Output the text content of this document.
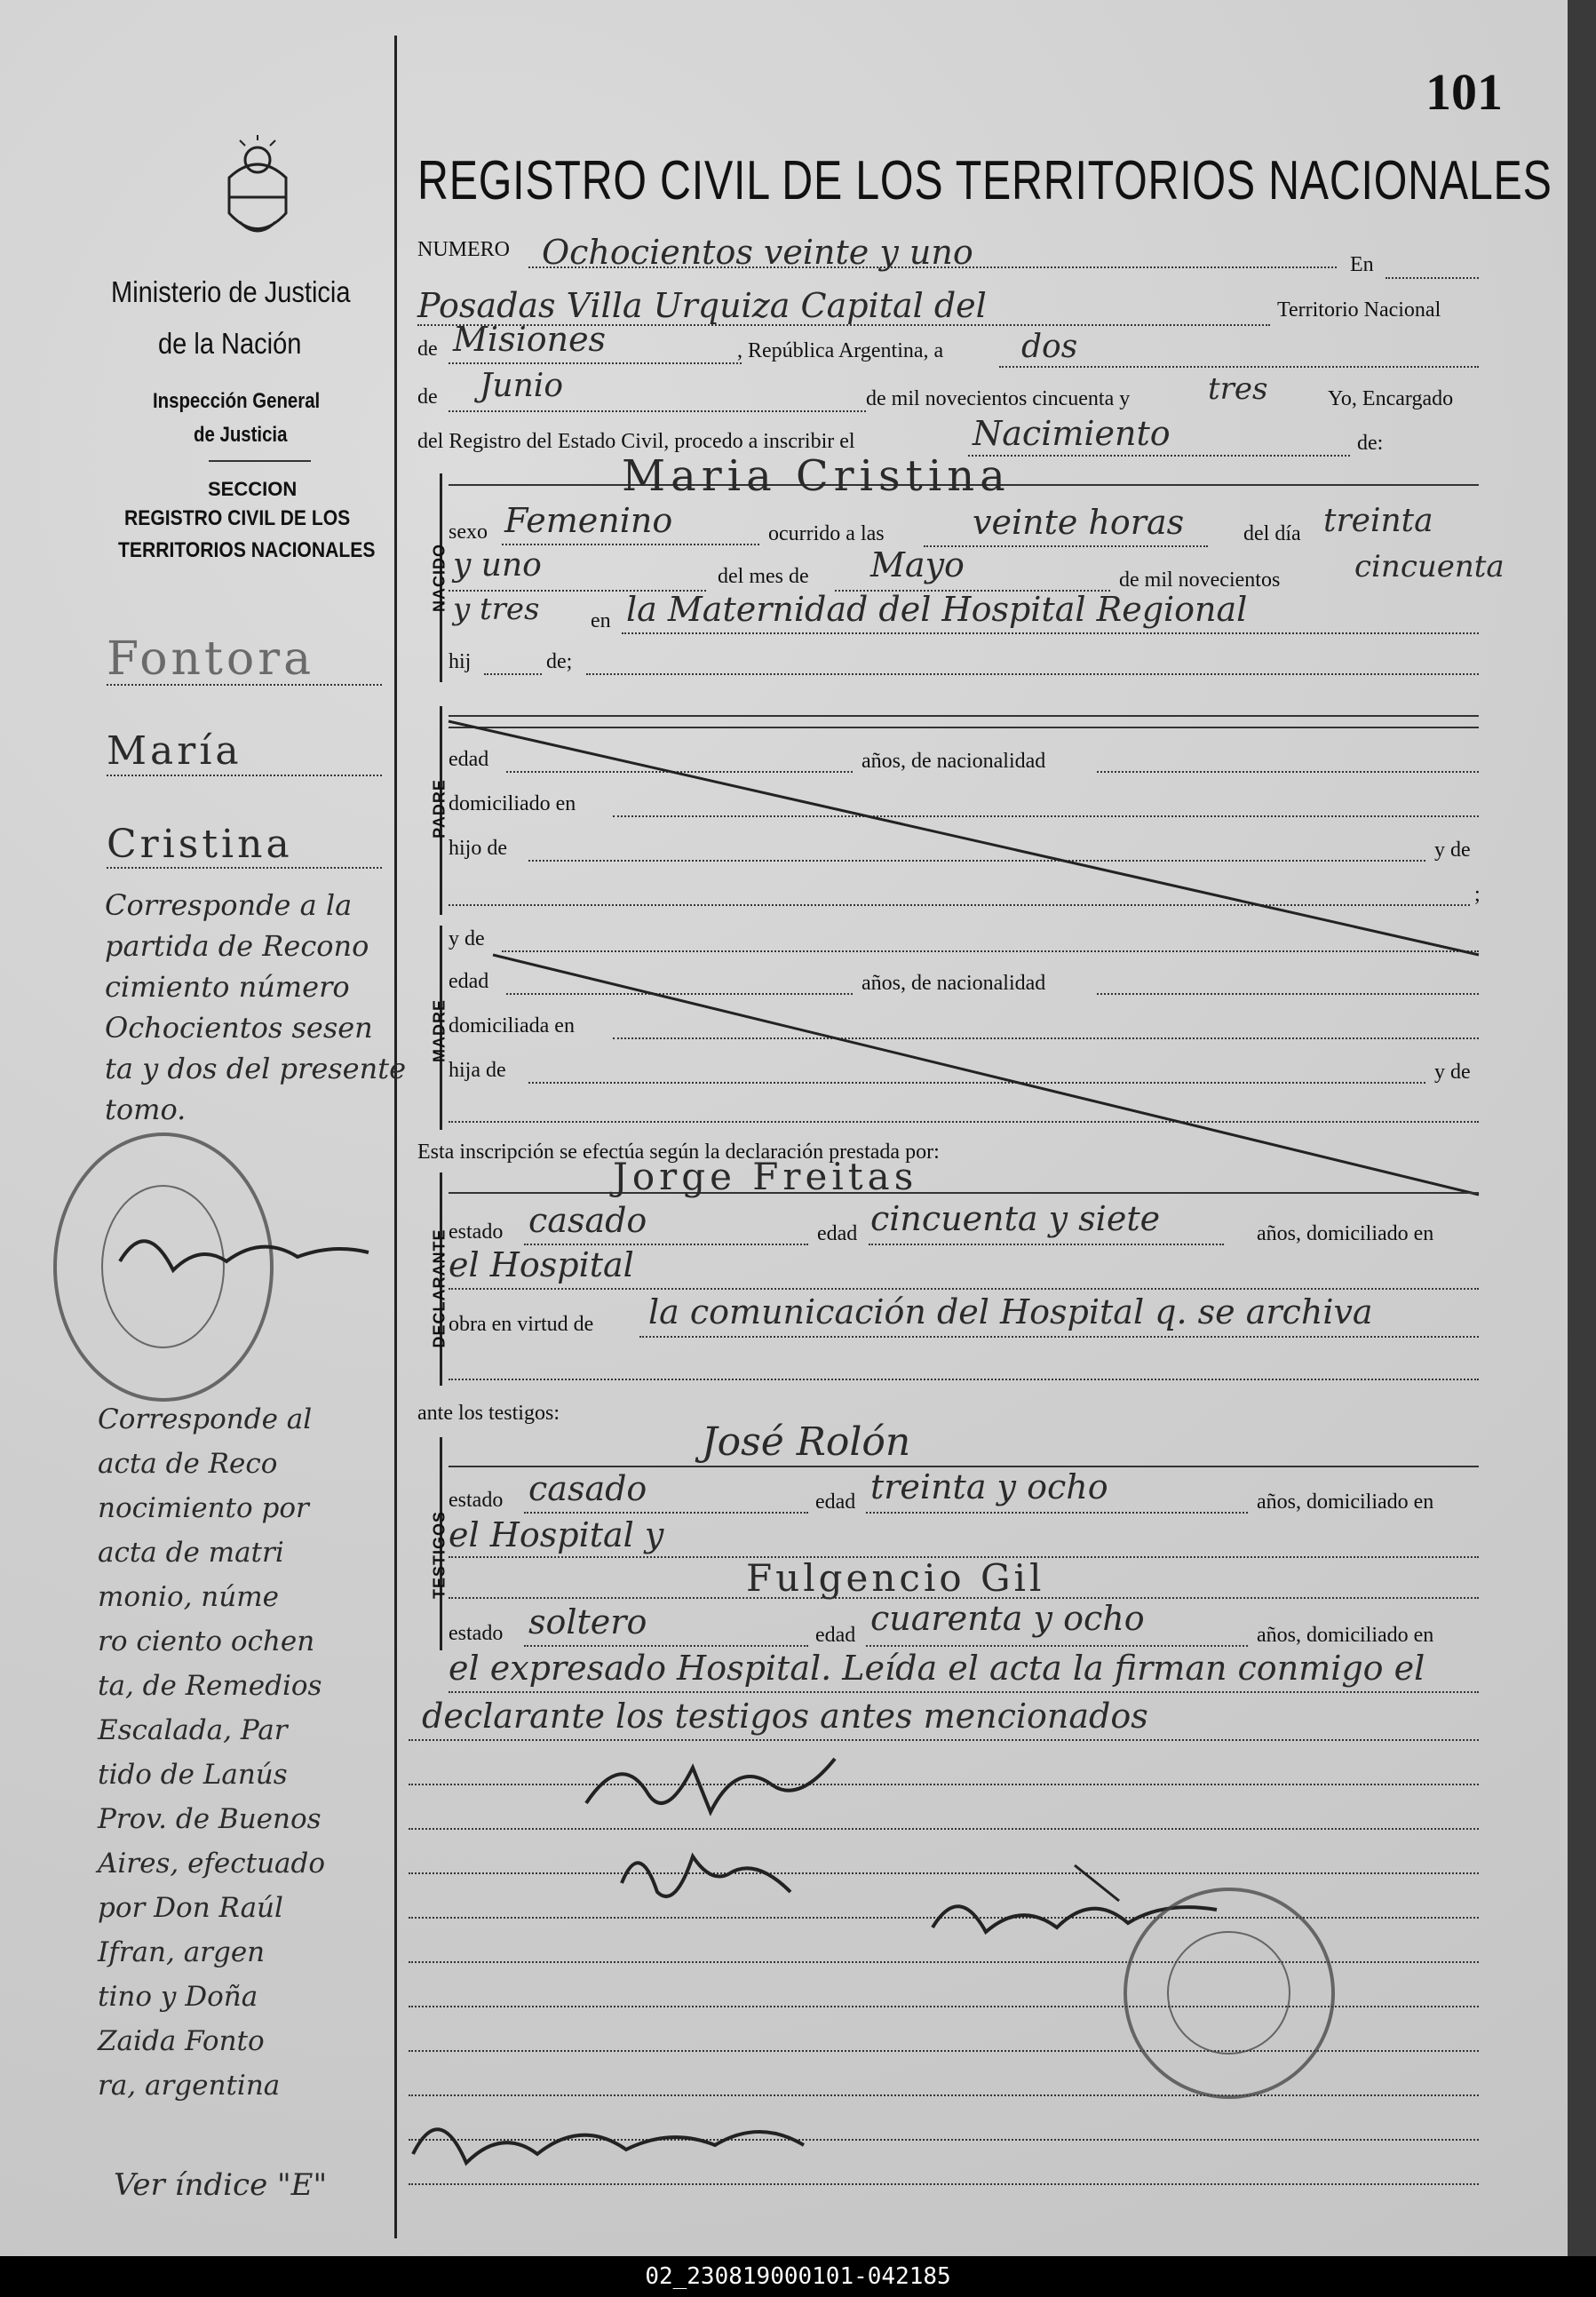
101
Ministerio de Justicia
de la Nación
Inspección General
de Justicia
SECCION
REGISTRO CIVIL DE LOS
TERRITORIOS NACIONALES
REGISTRO CIVIL DE LOS TERRITORIOS NACIONALES
NUMERO Ochocientos veinte y uno	En
Posadas Villa Urquiza Capital del	Territorio Nacional
de Misiones	, República Argentina, a dos
de Junio	de mil novecientos cincuenta y	tres	Yo, Encargado
del Registro del Estado Civil, procedo a inscribir el	Nacimiento	de:
NACIDO
Maria Cristina
sexo Femenino	ocurrido a las	veinte horas	del día treinta
y uno	del mes de Mayo	de mil novecientos cincuenta
y tres en la Maternidad del Hospital Regional
hij	de;
PADRE
edad	años, de nacionalidad
domiciliado en
hijo de	y de
;
y de
MADRE
edad	años, de nacionalidad
domiciliada en
hija de	y de
Esta inscripción se efectúa según la declaración prestada por:
DECLARANTE
Jorge Freitas
estado casado	edad cincuenta y siete	años, domiciliado en
el Hospital
obra en virtud de la comunicación del Hospital q. se archiva
ante los testigos:
TESTIGOS
José Rolón
estado casado	edad treinta y ocho	años, domiciliado en
el Hospital y
Fulgencio Gil
estado soltero	edad cuarenta y ocho	años, domiciliado en
el expresado Hospital. Leída el acta la firman conmigo el
declarante los testigos antes mencionados
Fontora
María
Cristina
Corresponde a la
partida de Recono
cimiento número
Ochocientos sesen
ta y dos del presente
tomo.
Corresponde al
acta de Reco
nocimiento por
acta de matri
monio, núme
ro ciento ochen
ta, de Remedios
Escalada, Par
tido de Lanús
Prov. de Buenos
Aires, efectuado
por Don Raúl
Ifran, argen
tino y Doña
Zaida Fonto
ra, argentina
Ver índice "E"
02_230819000101-042185
